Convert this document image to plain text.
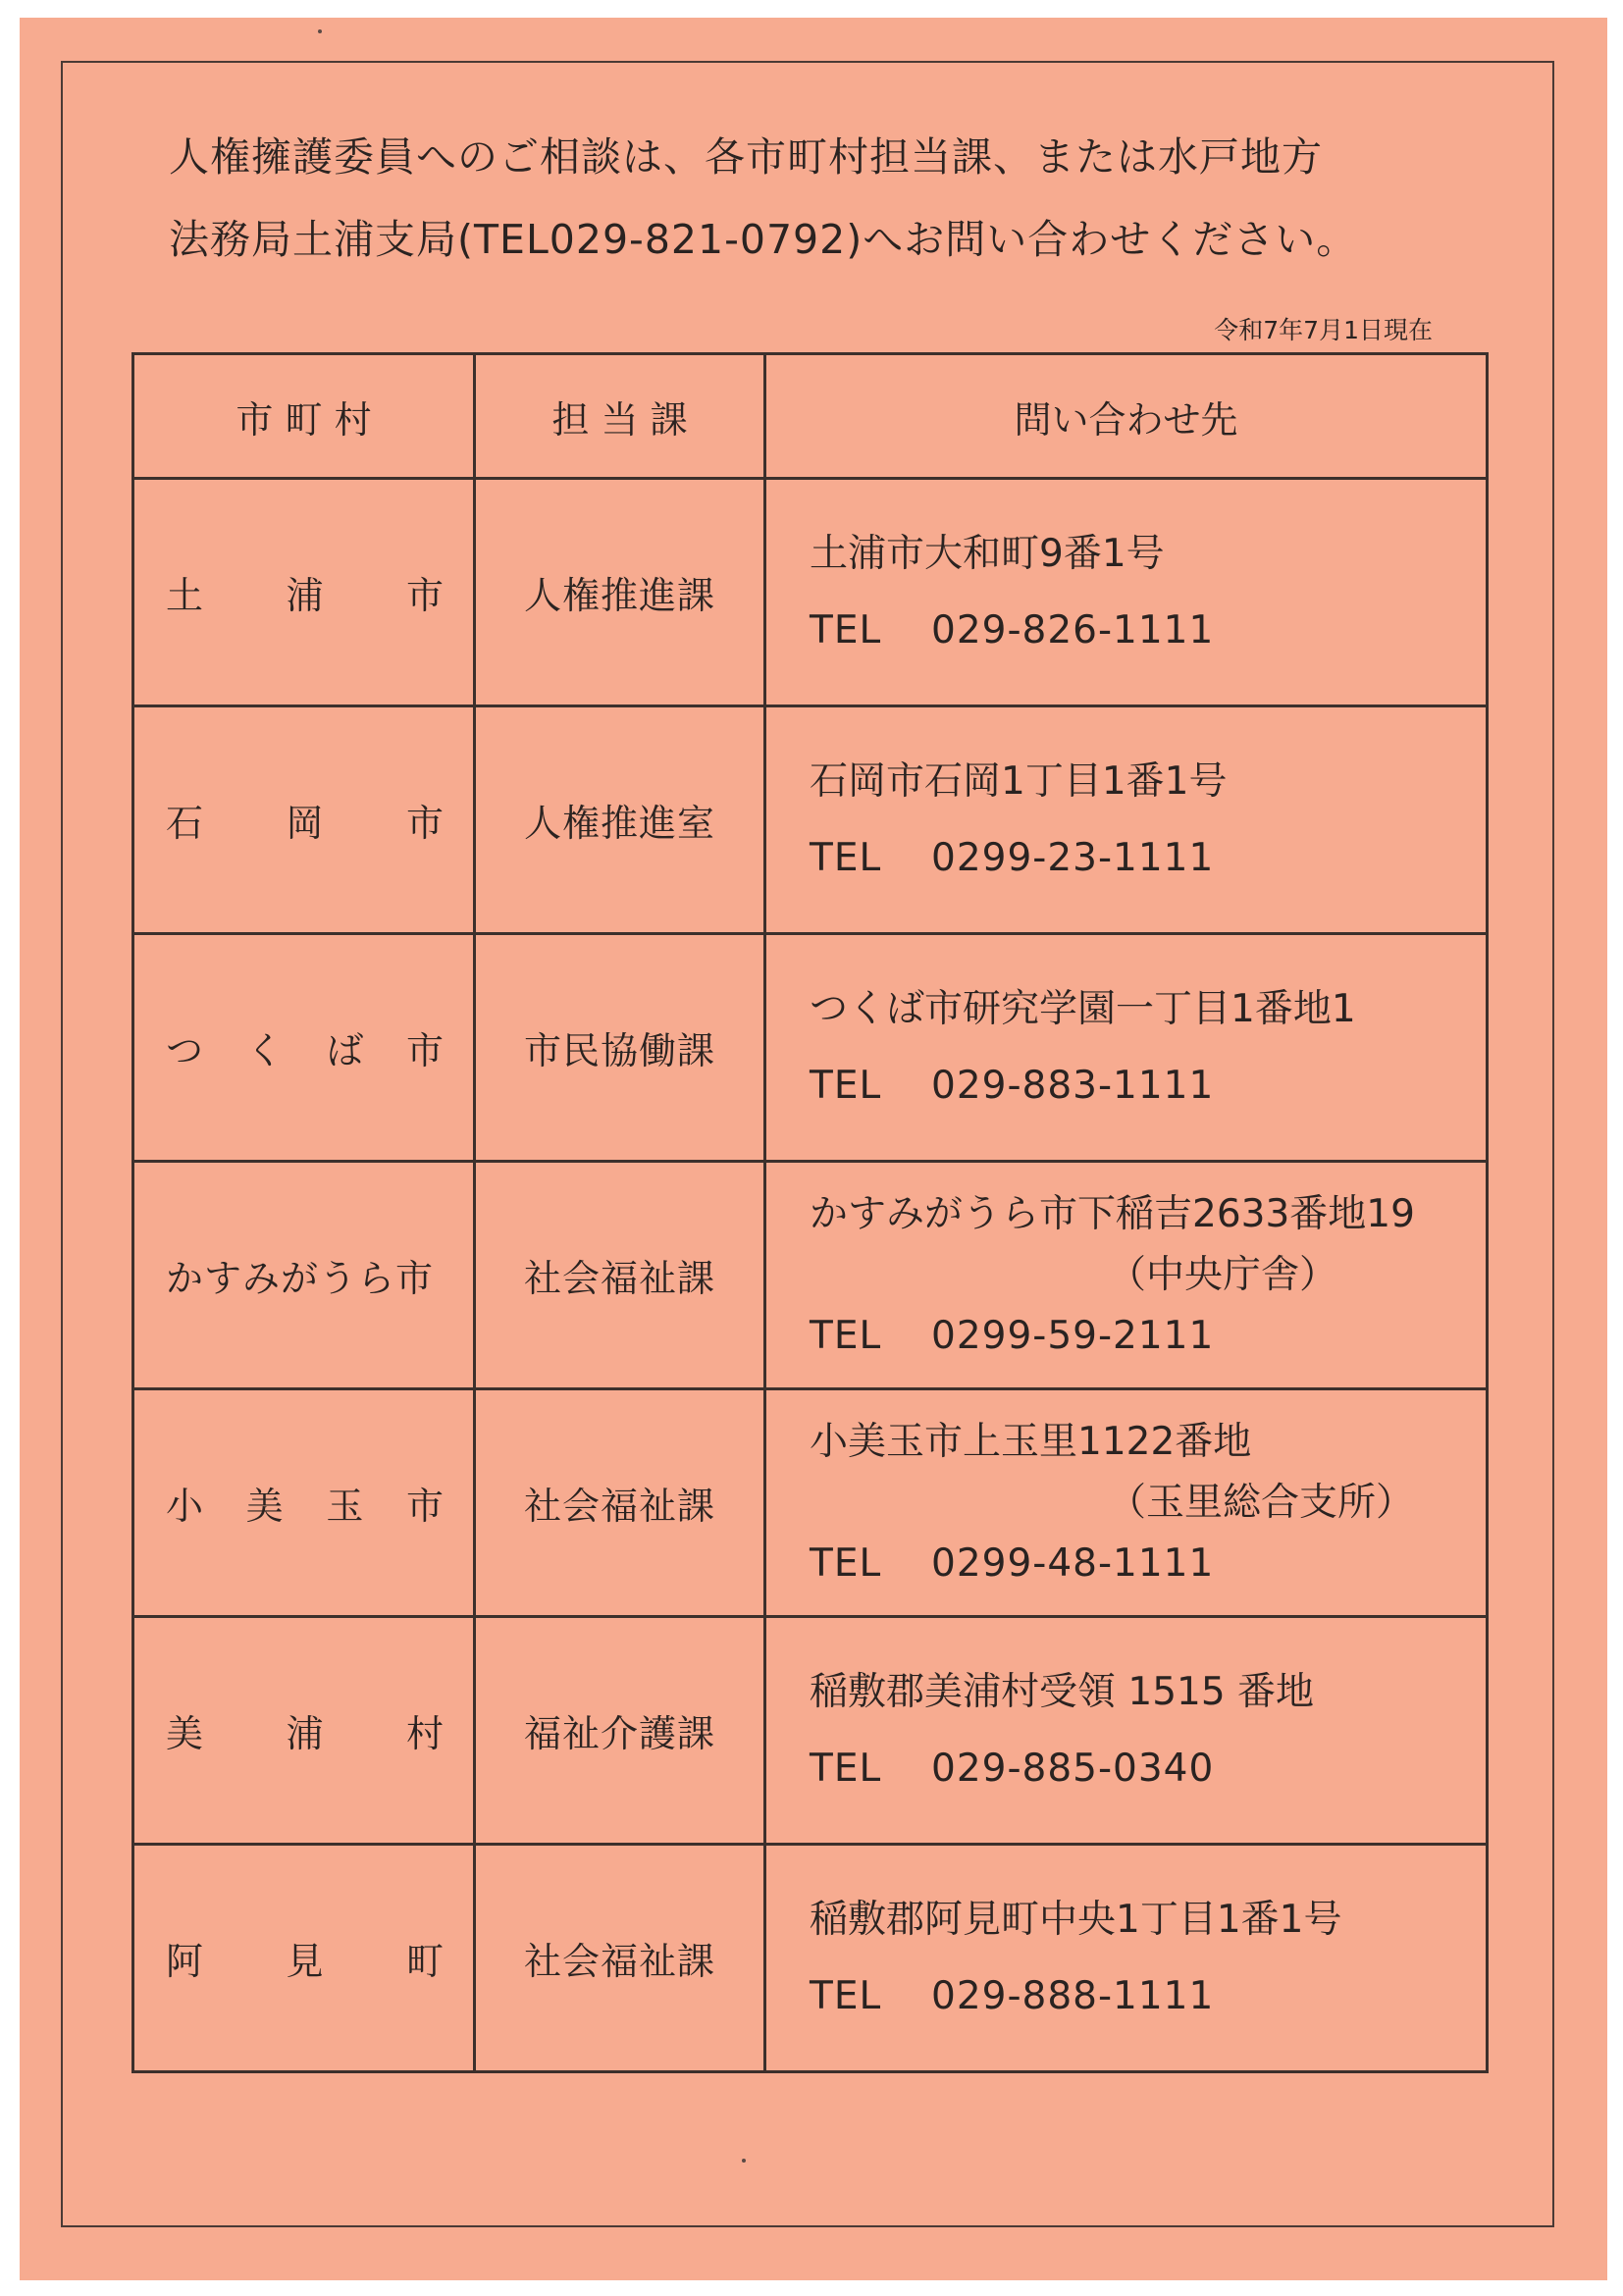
人権擁護委員へのご相談は、各市町村担当課、または水戸地方

法務局土浦支局(TEL029-821-0792)へお問い合わせください。

令和7年7月1日現在
市 町 村	担 当 課	問い合わせ先
土浦市	人権推進課	土浦市大和町9番1号
TEL 029-826-1111

石岡市	人権推進室	石岡市石岡1丁目1番1号
TEL 0299-23-1111

つくば市	市民協働課	つくば市研究学園一丁目1番地1
TEL 029-883-1111

かすみがうら市	社会福祉課	かすみがうら市下稲吉2633番地19
（中央庁舎）
TEL 0299-59-2111

小美玉市	社会福祉課	小美玉市上玉里1122番地
（玉里総合支所）
TEL 0299-48-1111

美浦村	福祉介護課	稲敷郡美浦村受領 1515 番地
TEL 029-885-0340

阿見町	社会福祉課	稲敷郡阿見町中央1丁目1番1号
TEL 029-888-1111
